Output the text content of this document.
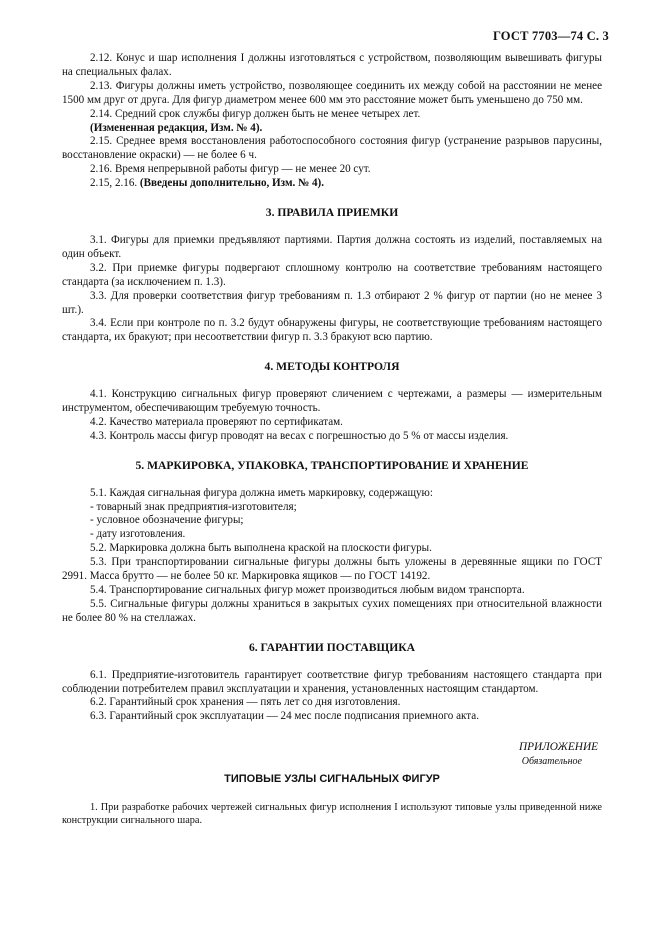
ГОСТ 7703—74 С. 3

2.12. Конус и шар исполнения I должны изготовляться с устройством, позволяющим вывешивать фигуры на специальных фалах.

2.13. Фигуры должны иметь устройство, позволяющее соединить их между собой на расстоянии не менее 1500 мм друг от друга. Для фигур диаметром менее 600 мм это расстояние может быть уменьшено до 750 мм.

2.14. Средний срок службы фигур должен быть не менее четырех лет.

(Измененная редакция, Изм. № 4).

2.15. Среднее время восстановления работоспособного состояния фигур (устранение разрывов парусины, восстановление окраски) — не более 6 ч.

2.16. Время непрерывной работы фигур — не менее 20 сут.

2.15, 2.16. (Введены дополнительно, Изм. № 4).

3. ПРАВИЛА ПРИЕМКИ

3.1. Фигуры для приемки предъявляют партиями. Партия должна состоять из изделий, поставляемых на один объект.

3.2. При приемке фигуры подвергают сплошному контролю на соответствие требованиям настоящего стандарта (за исключением п. 1.3).

3.3. Для проверки соответствия фигур требованиям п. 1.3 отбирают 2 % фигур от партии (но не менее 3 шт.).

3.4. Если при контроле по п. 3.2 будут обнаружены фигуры, не соответствующие требованиям настоящего стандарта, их бракуют; при несоответствии фигур п. 3.3 бракуют всю партию.

4. МЕТОДЫ КОНТРОЛЯ

4.1. Конструкцию сигнальных фигур проверяют сличением с чертежами, а размеры — измерительным инструментом, обеспечивающим требуемую точность.

4.2. Качество материала проверяют по сертификатам.

4.3. Контроль массы фигур проводят на весах с погрешностью до 5 % от массы изделия.

5. МАРКИРОВКА, УПАКОВКА, ТРАНСПОРТИРОВАНИЕ И ХРАНЕНИЕ

5.1. Каждая сигнальная фигура должна иметь маркировку, содержащую:

- товарный знак предприятия-изготовителя;

- условное обозначение фигуры;

- дату изготовления.

5.2. Маркировка должна быть выполнена краской на плоскости фигуры.

5.3. При транспортировании сигнальные фигуры должны быть уложены в деревянные ящики по ГОСТ 2991. Масса брутто — не более 50 кг. Маркировка ящиков — по ГОСТ 14192.

5.4. Транспортирование сигнальных фигур может производиться любым видом транспорта.

5.5. Сигнальные фигуры должны храниться в закрытых сухих помещениях при относительной влажности не более 80 % на стеллажах.

6. ГАРАНТИИ ПОСТАВЩИКА

6.1. Предприятие-изготовитель гарантирует соответствие фигур требованиям настоящего стандарта при соблюдении потребителем правил эксплуатации и хранения, установленных настоящим стандартом.

6.2. Гарантийный срок хранения — пять лет со дня изготовления.

6.3. Гарантийный срок эксплуатации — 24 мес после подписания приемного акта.

ПРИЛОЖЕНИЕ
Обязательное
ТИПОВЫЕ УЗЛЫ СИГНАЛЬНЫХ ФИГУР

1. При разработке рабочих чертежей сигнальных фигур исполнения I используют типовые узлы приведенной ниже конструкции сигнального шара.
